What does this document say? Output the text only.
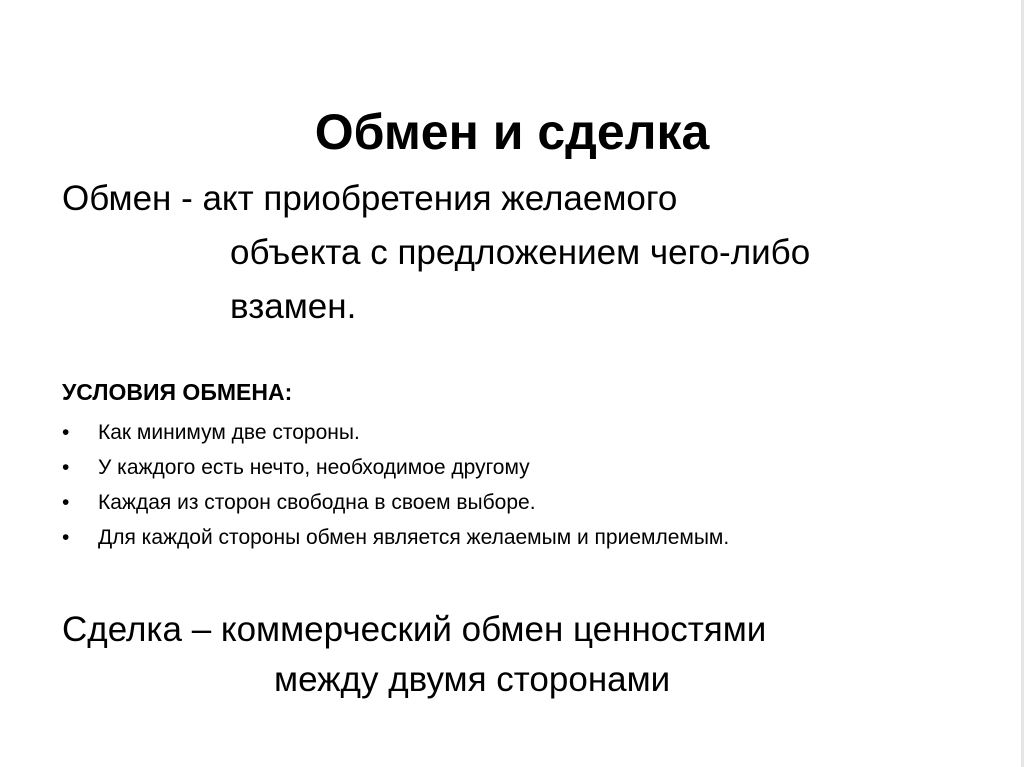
Обмен и сделка
Обмен - акт приобретения желаемого
объекта с предложением чего-либо
взамен.
УСЛОВИЯ ОБМЕНА:
•	Как минимум две стороны.
•	У каждого есть нечто, необходимое другому
•	Каждая из сторон свободна в своем выборе.
•	Для каждой стороны обмен является желаемым и приемлемым.
Сделка – коммерческий обмен ценностями
между двумя сторонами
